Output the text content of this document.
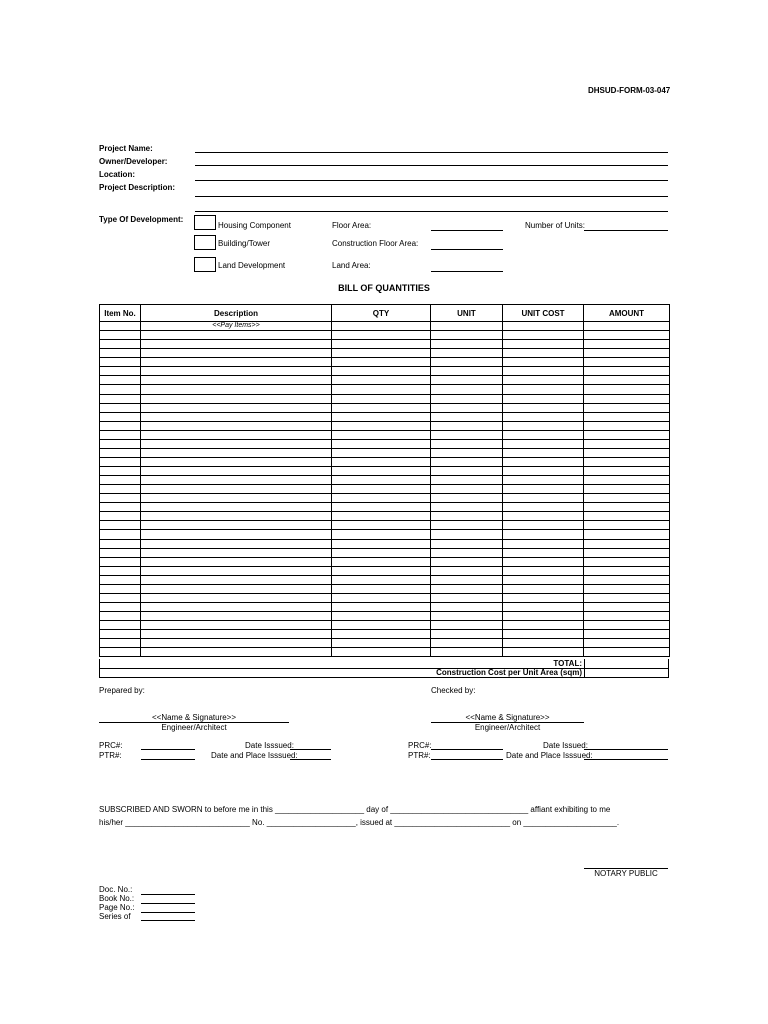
DHSUD-FORM-03-047
Project Name:
Owner/Developer:
Location:
Project Description:
Type Of Development:
Housing Component
Building/Tower
Land Development
Floor Area:
Construction Floor Area:
Land Area:
Number of Units:
BILL OF QUANTITIES
Item No.	Description	QTY	UNIT	UNIT COST	AMOUNT
	<<Pay Items>>				

TOTAL:
Construction Cost per Unit Area (sqm)
Prepared by:	Checked by:
<<Name & Signature>>
Engineer/Architect
<<Name & Signature>>
Engineer/Architect
PRC#:
PTR#:
Date Isssued:
Date and Place Isssued:
PRC#:
PTR#:
Date Issued:
Date and Place Isssued:
SUBSCRIBED AND SWORN to before me in this ____________________ day of _______________________________ affiant exhibiting to me
his/her ____________________________ No. ____________________, issued at __________________________ on _____________________.
NOTARY PUBLIC
Doc. No.:
Book No.:
Page No.:
Series of
